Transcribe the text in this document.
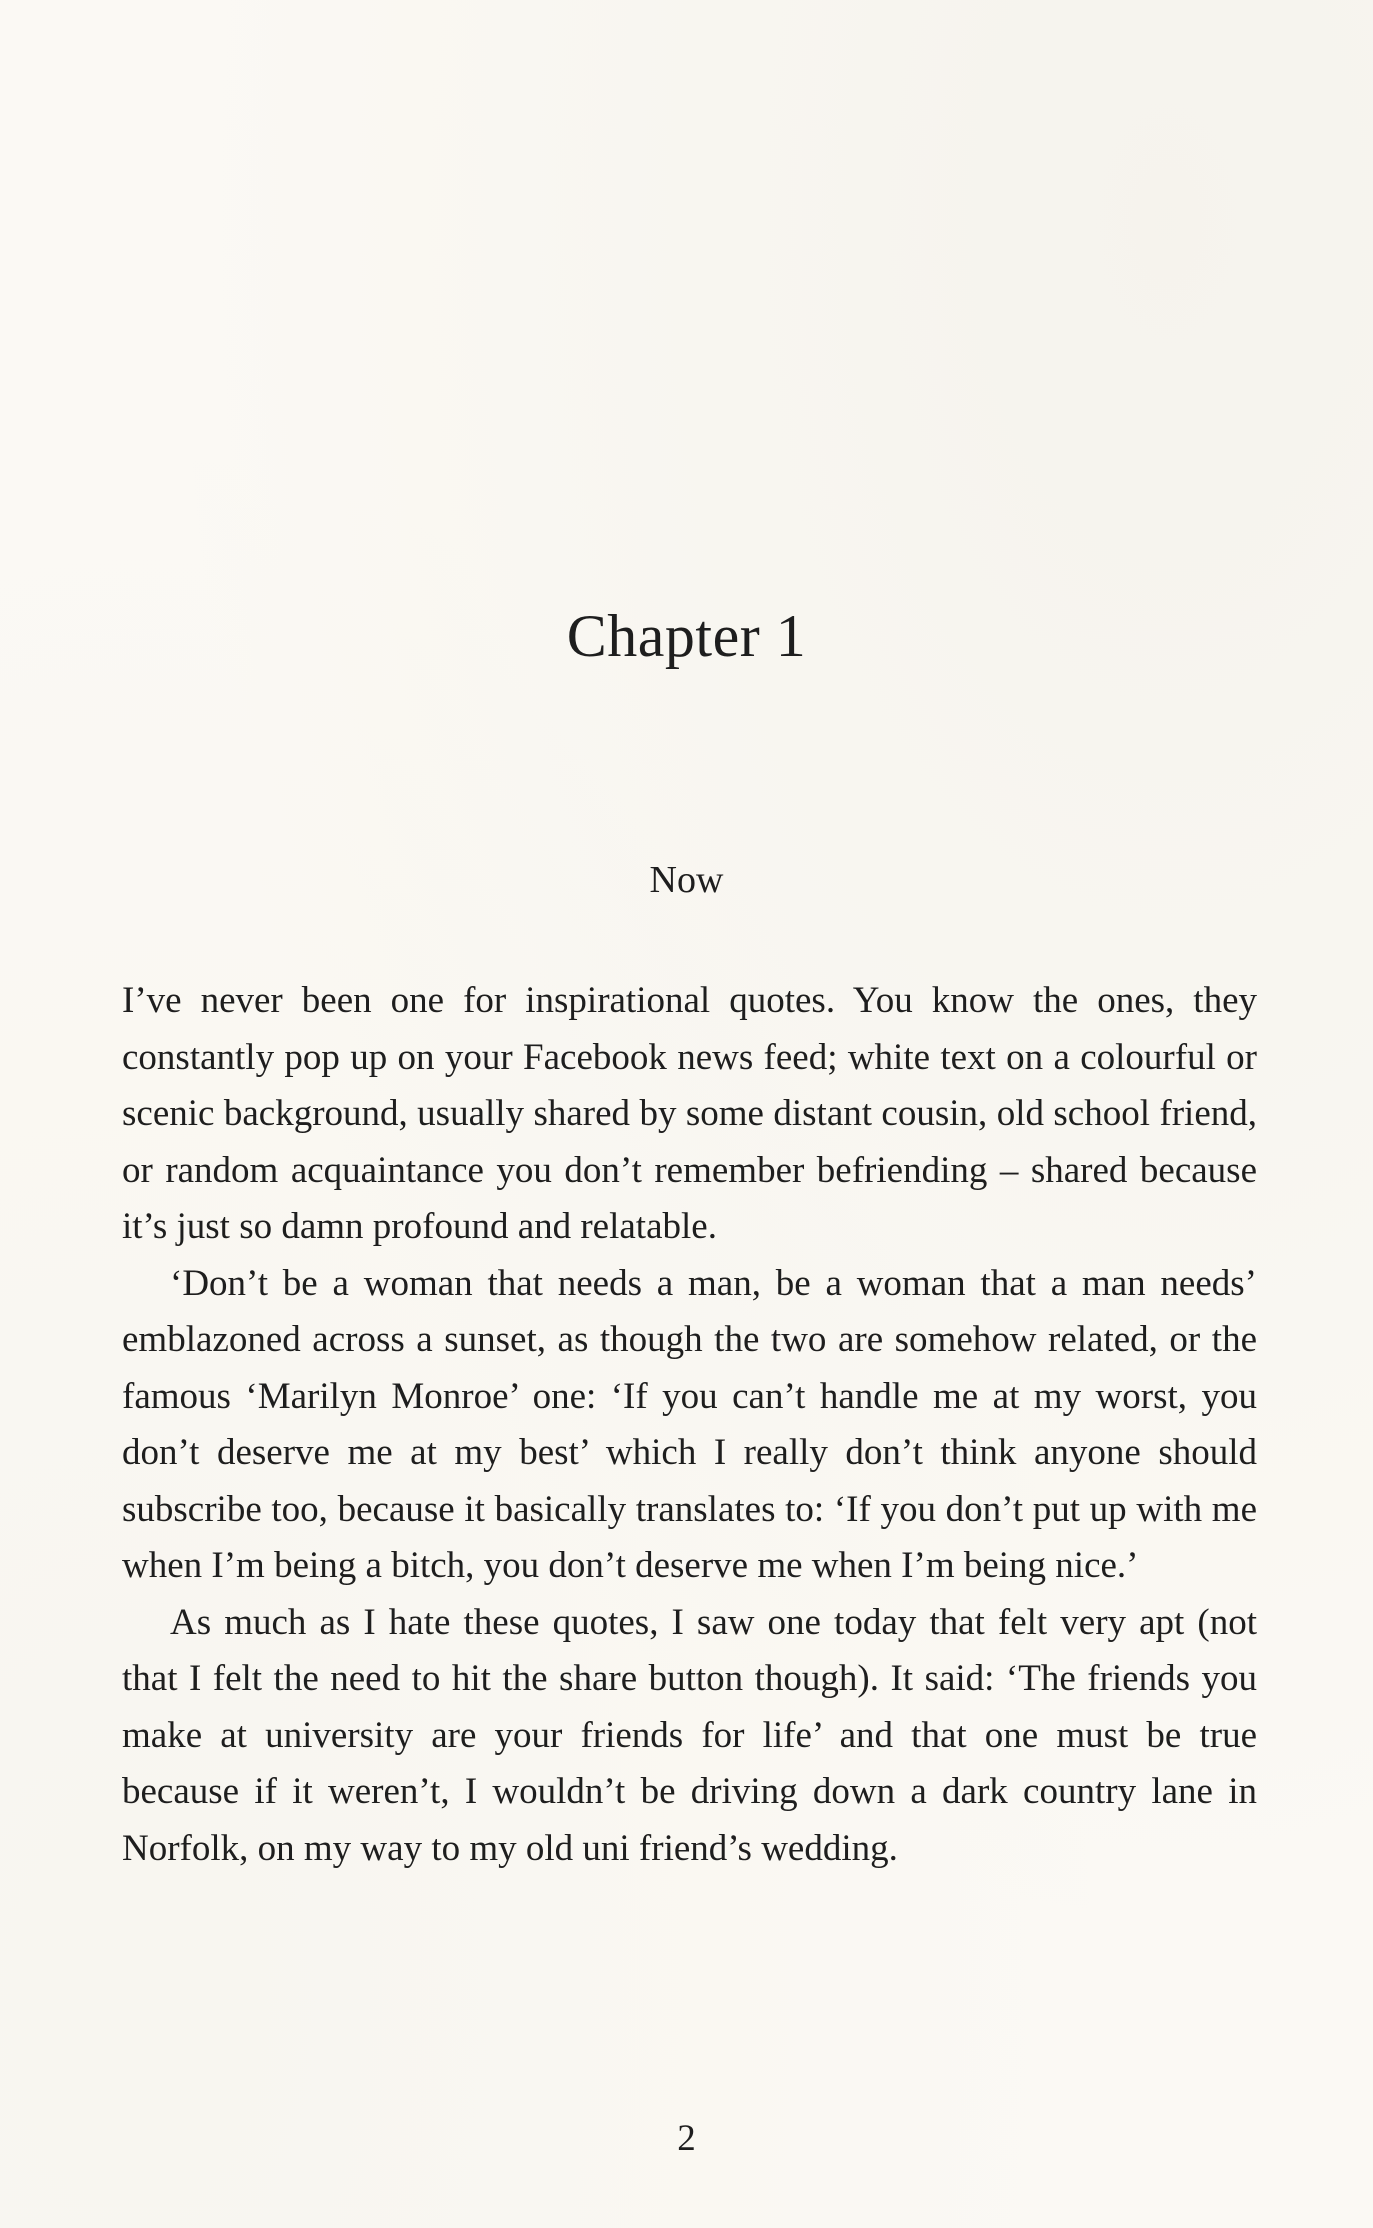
Chapter 1
Now

I’ve never been one for inspirational quotes. You know the ones, they constantly pop up on your Facebook news feed; white text on a colourful or scenic background, usually shared by some distant cousin, old school friend, or random acquaintance you don’t remember befriending – shared because it’s just so damn profound and relatable.

‘Don’t be a woman that needs a man, be a woman that a man needs’ emblazoned across a sunset, as though the two are somehow related, or the famous ‘Marilyn Monroe’ one: ‘If you can’t handle me at my worst, you don’t deserve me at my best’ which I really don’t think anyone should subscribe too, because it basically translates to: ‘If you don’t put up with me when I’m being a bitch, you don’t deserve me when I’m being nice.’

As much as I hate these quotes, I saw one today that felt very apt (not that I felt the need to hit the share button though). It said: ‘The friends you make at university are your friends for life’ and that one must be true because if it weren’t, I wouldn’t be driving down a dark country lane in Norfolk, on my way to my old uni friend’s wedding.

2
